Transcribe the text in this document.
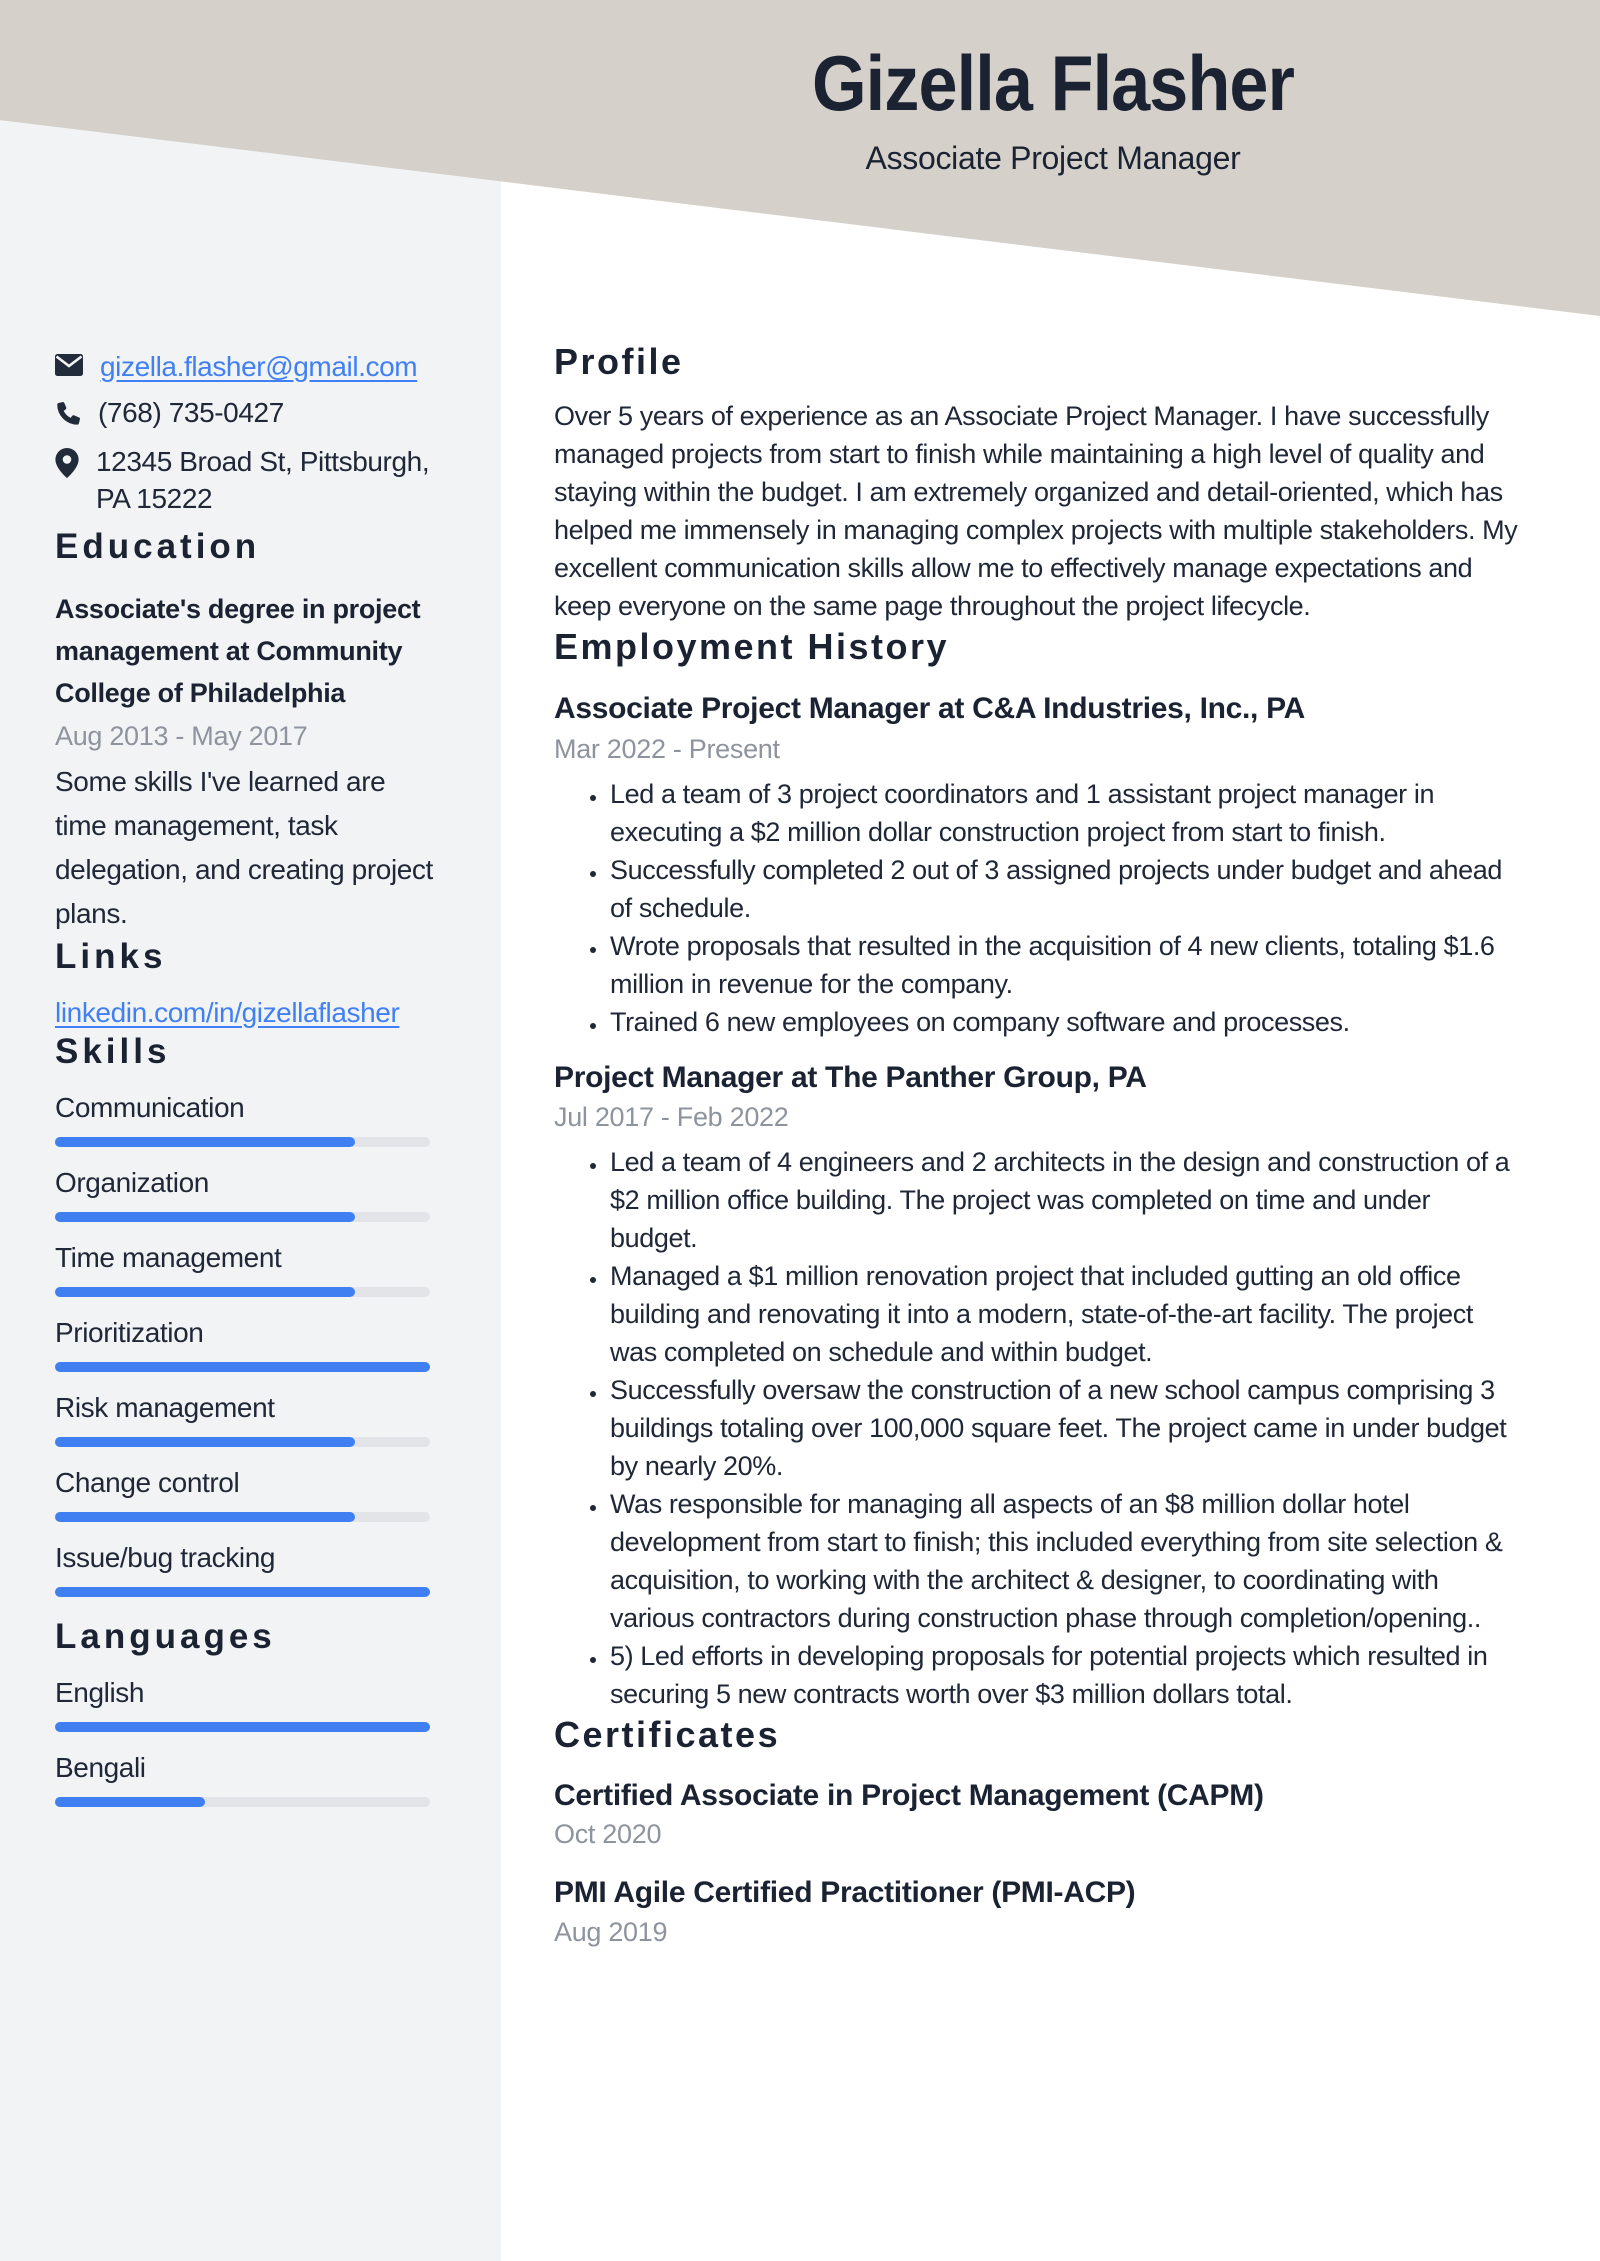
Gizella Flasher
Associate Project Manager
gizella.flasher@gmail.com
(768) 735-0427
12345 Broad St, Pittsburgh, PA 15222
Education
Associate's degree in project management at Community College of Philadelphia
Aug 2013 - May 2017
Some skills I've learned are time management, task delegation, and creating project plans.
Links
linkedin.com/in/gizellaflasher
Skills
Communication
Organization
Time management
Prioritization
Risk management
Change control
Issue/bug tracking
Languages
English
Bengali
Profile

Over 5 years of experience as an Associate Project Manager. I have successfully managed projects from start to finish while maintaining a high level of quality and staying within the budget. I am extremely organized and detail-oriented, which has helped me immensely in managing complex projects with multiple stakeholders. My excellent communication skills allow me to effectively manage expectations and keep everyone on the same page throughout the project lifecycle.

Employment History
Associate Project Manager at C&A Industries, Inc., PA
Mar 2022 - Present
• Led a team of 3 project coordinators and 1 assistant project manager in executing a $2 million dollar construction project from start to finish.
• Successfully completed 2 out of 3 assigned projects under budget and ahead of schedule.
• Wrote proposals that resulted in the acquisition of 4 new clients, totaling $1.6 million in revenue for the company.
• Trained 6 new employees on company software and processes.
Project Manager at The Panther Group, PA
Jul 2017 - Feb 2022
• Led a team of 4 engineers and 2 architects in the design and construction of a $2 million office building. The project was completed on time and under budget.
• Managed a $1 million renovation project that included gutting an old office building and renovating it into a modern, state-of-the-art facility. The project was completed on schedule and within budget.
• Successfully oversaw the construction of a new school campus comprising 3 buildings totaling over 100,000 square feet. The project came in under budget by nearly 20%.
• Was responsible for managing all aspects of an $8 million dollar hotel development from start to finish; this included everything from site selection & acquisition, to working with the architect & designer, to coordinating with various contractors during construction phase through completion/opening..
• 5) Led efforts in developing proposals for potential projects which resulted in securing 5 new contracts worth over $3 million dollars total.
Certificates
Certified Associate in Project Management (CAPM)
Oct 2020
PMI Agile Certified Practitioner (PMI-ACP)
Aug 2019
